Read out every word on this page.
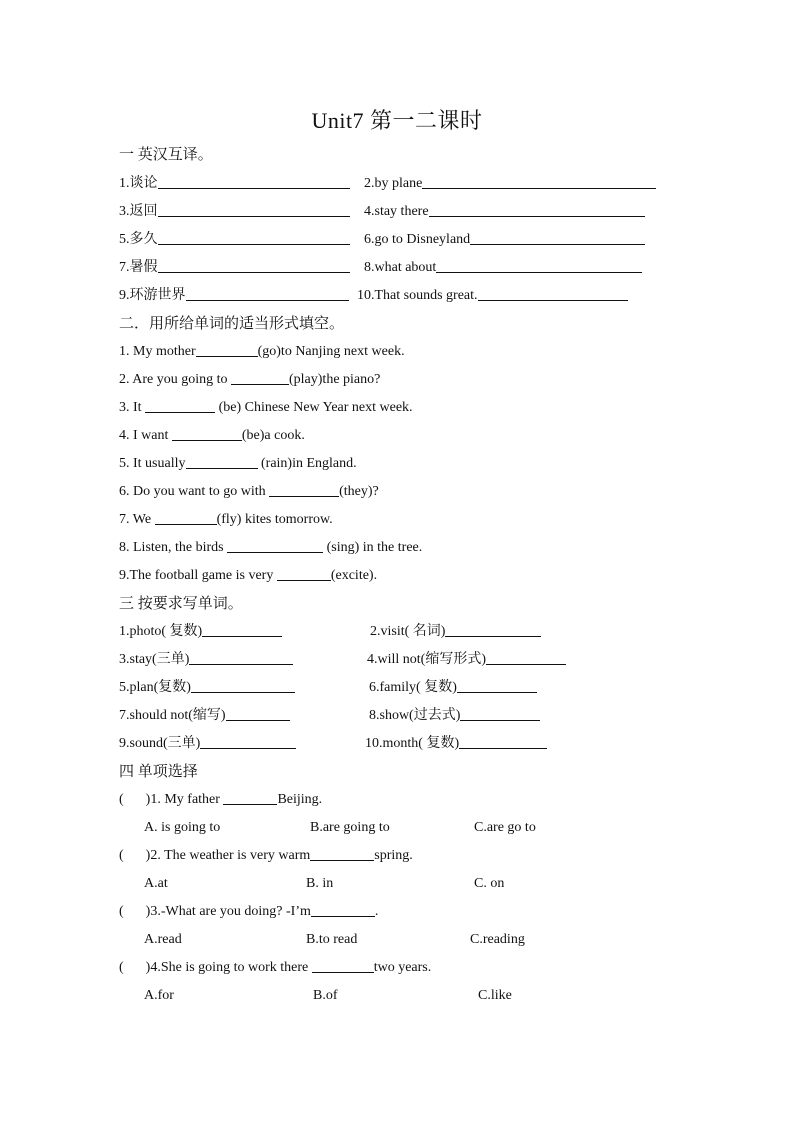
Unit7 第一二课时
一 英汉互译。
1.谈论	2.by plane
3.返回	4.stay there
5.多久	6.go to Disneyland
7.暑假	8.what about
9.环游世界	10.That sounds great.
二．用所给单词的适当形式填空。
1. My mother	(go)to Nanjing next week.
2. Are you going to	(play)the piano?
3. It	(be) Chinese New Year next week.
4. I want	(be)a cook.
5. It usually	(rain)in England.
6. Do you want to go with	(they)?
7. We	(fly) kites tomorrow.
8. Listen, the birds	(sing) in the tree.
9.The football game is very	(excite).
三 按要求写单词。
1.photo( 复数)	2.visit( 名词)
3.stay(三单)	4.will not(缩写形式)
5.plan(复数)	6.family( 复数)
7.should not(缩写)	8.show(过去式)
9.sound(三单)	10.month( 复数)
四 单项选择
( )1. My father	Beijing.
A. is going to	B.are going to	C.are go to
( )2. The weather is very warm	spring.
A.at	B. in	C. on
( )3.-What are you doing? -I’m	.
A.read	B.to read	C.reading
( )4.She is going to work there	two years.
A.for	B.of	C.like
